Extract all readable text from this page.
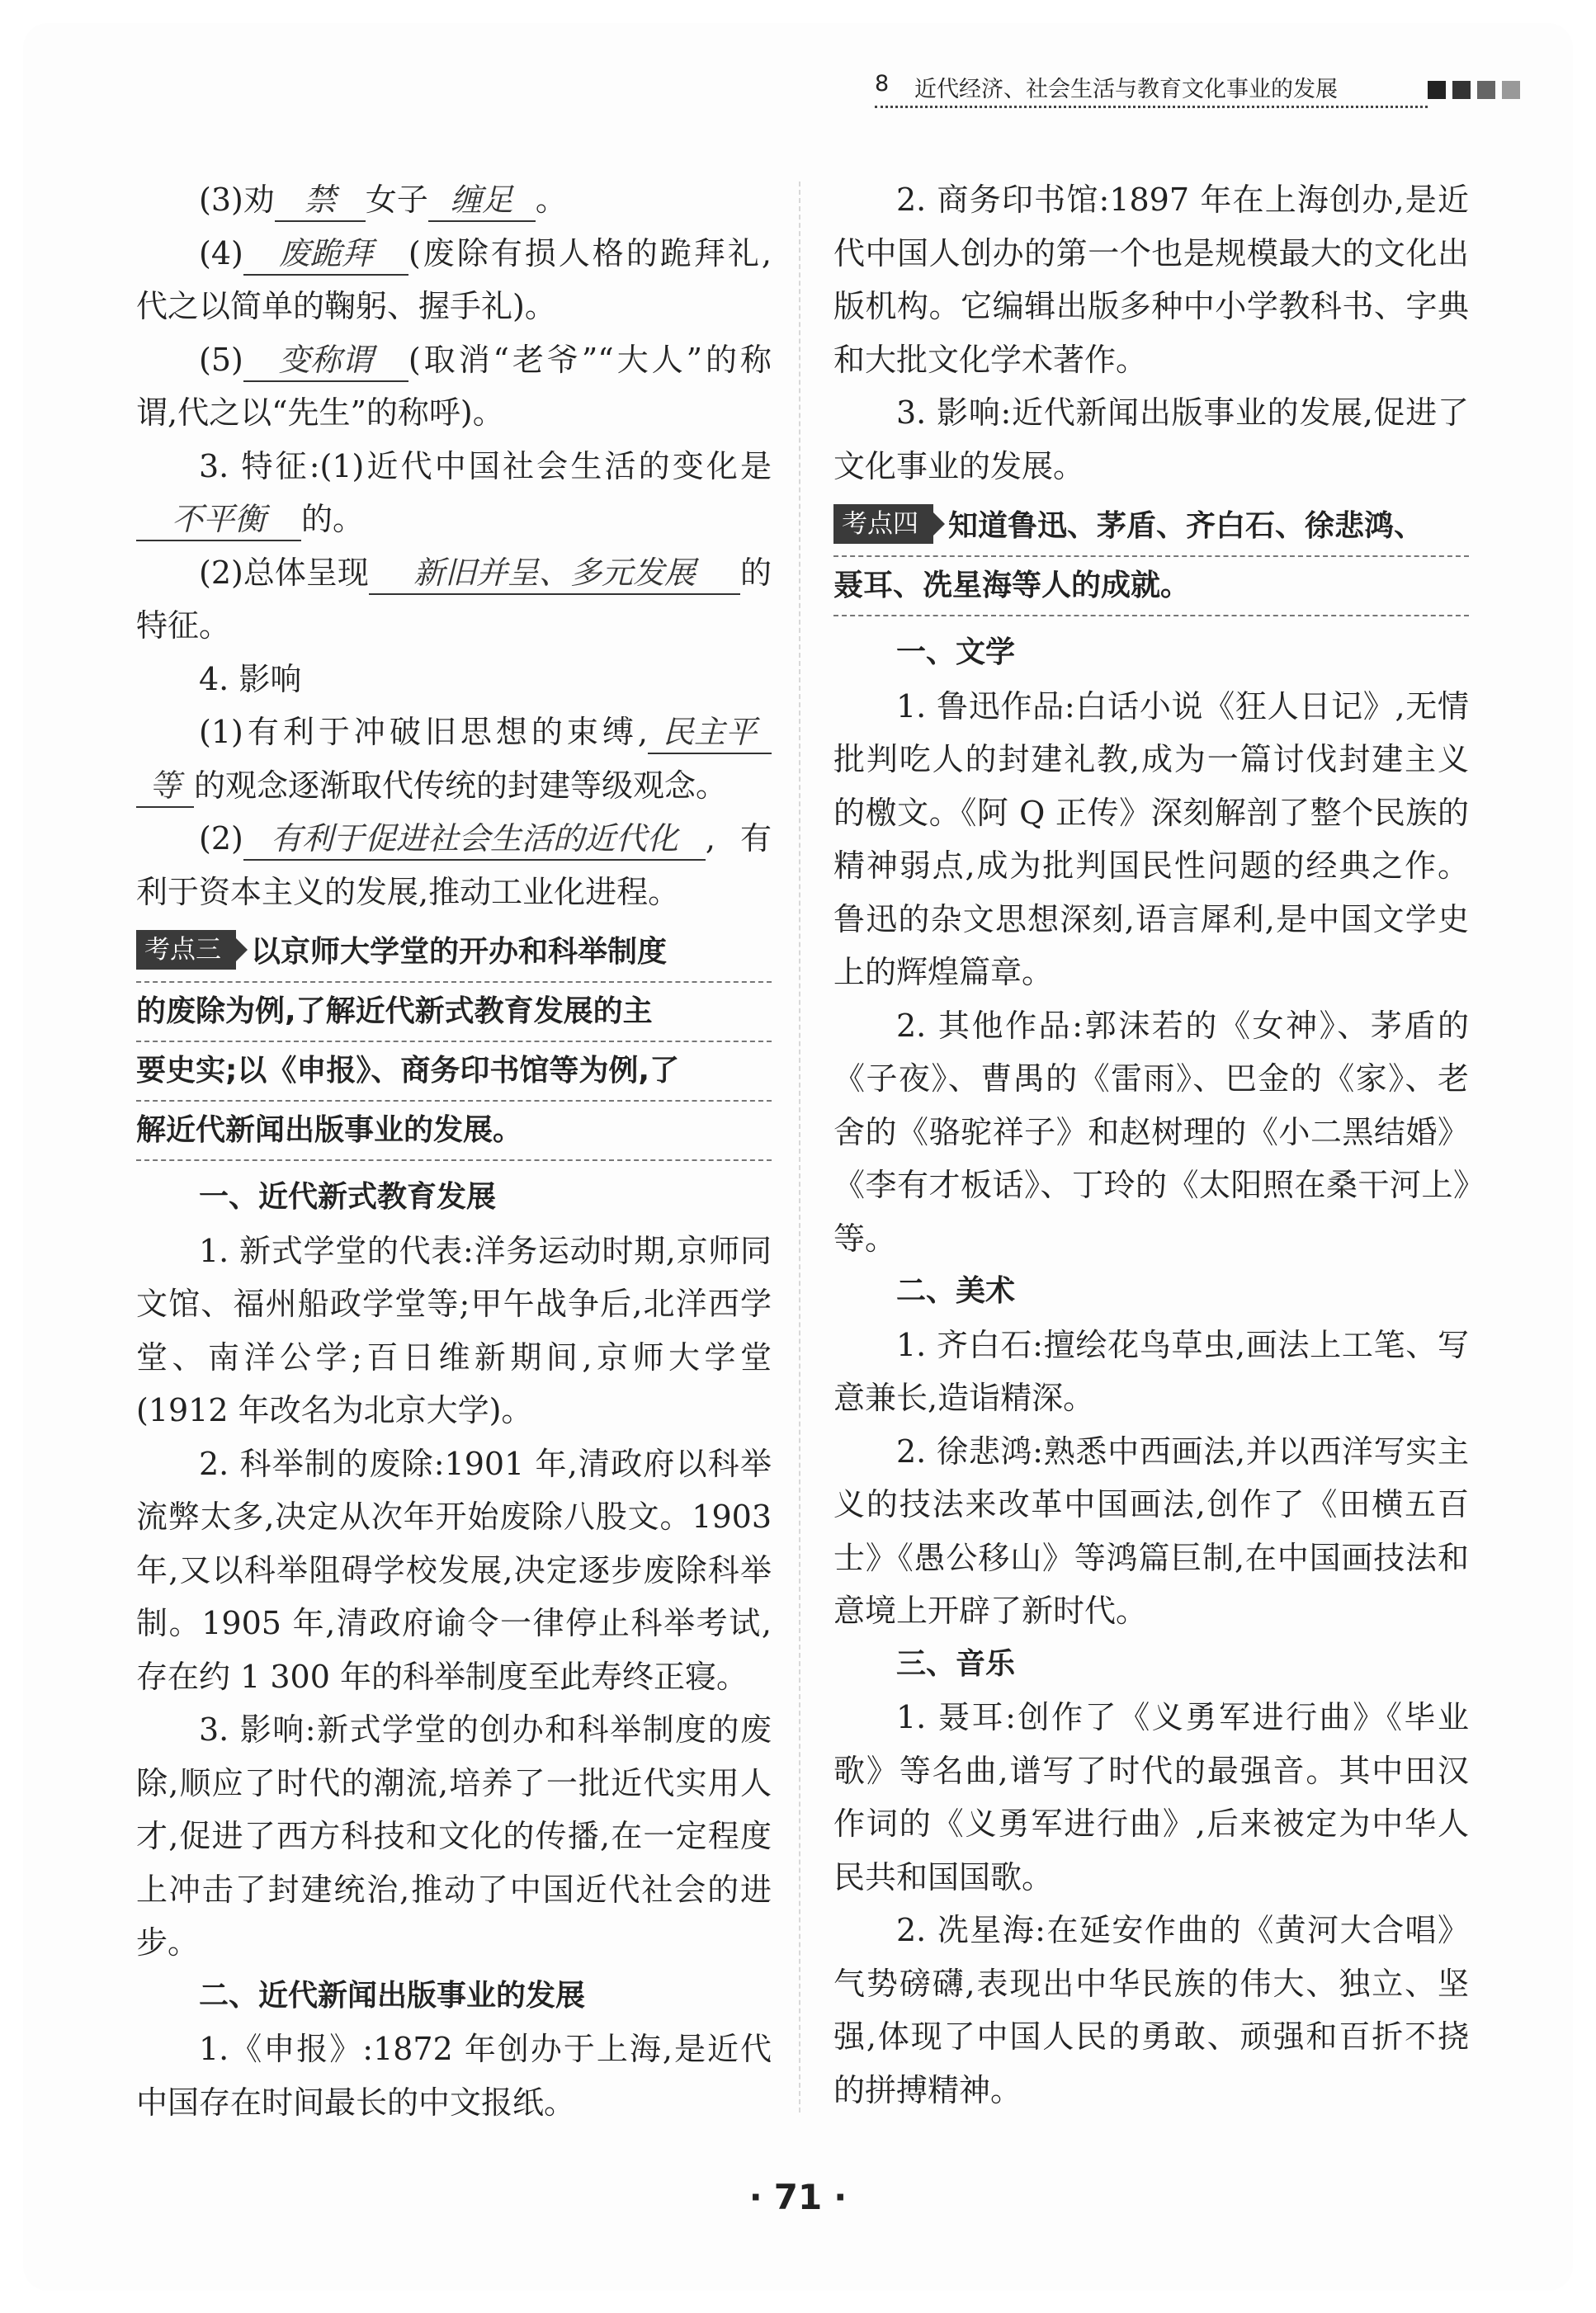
8 近代经济、社会生活与教育文化事业的发展

(3)劝 禁 女子 缠足 。

(4) 废跪拜 (废除有损人格的跪拜礼,代之以简单的鞠躬、握手礼)。

(5) 变称谓 (取消“老爷”“大人”的称谓,代之以“先生”的称呼)。

3. 特征:(1)近代中国社会生活的变化是不平衡 的。

(2)总体呈现 新旧并呈、多元发展 的特征。

4. 影响

(1)有利于冲破旧思想的束缚, 民主平等 的观念逐渐取代传统的封建等级观念。

(2) 有利于促进社会生活的近代化 ,有利于资本主义的发展,推动工业化进程。

考点三 以京师大学堂的开办和科举制度
的废除为例,了解近代新式教育发展的主
要史实;以《申报》、商务印书馆等为例,了
解近代新闻出版事业的发展。
一、近代新式教育发展

1. 新式学堂的代表:洋务运动时期,京师同文馆、福州船政学堂等;甲午战争后,北洋西学堂、南洋公学;百日维新期间,京师大学堂(1912 年改名为北京大学)。

2. 科举制的废除:1901 年,清政府以科举流弊太多,决定从次年开始废除八股文。1903 年,又以科举阻碍学校发展,决定逐步废除科举制。1905 年,清政府谕令一律停止科举考试,存在约 1 300 年的科举制度至此寿终正寝。

3. 影响:新式学堂的创办和科举制度的废除,顺应了时代的潮流,培养了一批近代实用人才,促进了西方科技和文化的传播,在一定程度上冲击了封建统治,推动了中国近代社会的进步。

二、近代新闻出版事业的发展

1.《申报》:1872 年创办于上海,是近代中国存在时间最长的中文报纸。

2. 商务印书馆:1897 年在上海创办,是近代中国人创办的第一个也是规模最大的文化出版机构。它编辑出版多种中小学教科书、字典和大批文化学术著作。

3. 影响:近代新闻出版事业的发展,促进了文化事业的发展。

考点四 知道鲁迅、茅盾、齐白石、徐悲鸿、
聂耳、冼星海等人的成就。
一、文学

1. 鲁迅作品:白话小说《狂人日记》,无情批判吃人的封建礼教,成为一篇讨伐封建主义的檄文。《阿 Q 正传》深刻解剖了整个民族的精神弱点,成为批判国民性问题的经典之作。鲁迅的杂文思想深刻,语言犀利,是中国文学史上的辉煌篇章。

2. 其他作品:郭沫若的《女神》、茅盾的《子夜》、曹禺的《雷雨》、巴金的《家》、老舍的《骆驼祥子》和赵树理的《小二黑结婚》《李有才板话》、丁玲的《太阳照在桑干河上》等。

二、美术

1. 齐白石:擅绘花鸟草虫,画法上工笔、写意兼长,造诣精深。

2. 徐悲鸿:熟悉中西画法,并以西洋写实主义的技法来改革中国画法,创作了《田横五百士》《愚公移山》等鸿篇巨制,在中国画技法和意境上开辟了新时代。

三、音乐

1. 聂耳:创作了《义勇军进行曲》《毕业歌》等名曲,谱写了时代的最强音。其中田汉作词的《义勇军进行曲》,后来被定为中华人民共和国国歌。

2. 冼星海:在延安作曲的《黄河大合唱》气势磅礴,表现出中华民族的伟大、独立、坚强,体现了中国人民的勇敢、顽强和百折不挠的拼搏精神。

· 71 ·
